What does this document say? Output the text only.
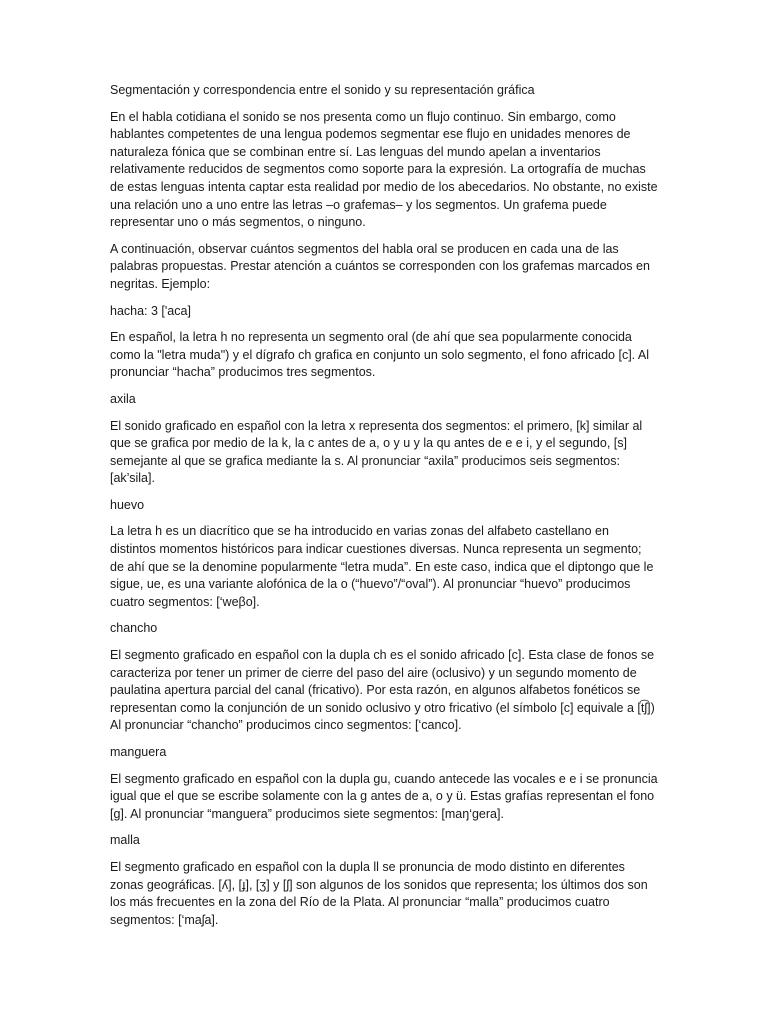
Segmentación y correspondencia entre el sonido y su representación gráfica

En el habla cotidiana el sonido se nos presenta como un flujo continuo. Sin embargo, como hablantes competentes de una lengua podemos segmentar ese flujo en unidades menores de naturaleza fónica que se combinan entre sí. Las lenguas del mundo apelan a inventarios relativamente reducidos de segmentos como soporte para la expresión. La ortografía de muchas de estas lenguas intenta captar esta realidad por medio de los abecedarios. No obstante, no existe una relación uno a uno entre las letras –o grafemas– y los segmentos. Un grafema puede representar uno o más segmentos, o ninguno.

A continuación, observar cuántos segmentos del habla oral se producen en cada una de las palabras propuestas. Prestar atención a cuántos se corresponden con los grafemas marcados en negritas. Ejemplo:

hacha: 3 ['aca]

En español, la letra h no representa un segmento oral (de ahí que sea popularmente conocida como la "letra muda") y el dígrafo ch grafica en conjunto un solo segmento, el fono africado [c]. Al pronunciar “hacha” producimos tres segmentos.

axila

El sonido graficado en español con la letra x representa dos segmentos: el primero, [k] similar al que se grafica por medio de la k, la c antes de a, o y u y la qu antes de e e i, y el segundo, [s] semejante al que se grafica mediante la s. Al pronunciar “axila” producimos seis segmentos: [ak’sila].

huevo

La letra h es un diacrítico que se ha introducido en varias zonas del alfabeto castellano en distintos momentos históricos para indicar cuestiones diversas. Nunca representa un segmento; de ahí que se la denomine popularmente “letra muda”. En este caso, indica que el diptongo que le sigue, ue, es una variante alofónica de la o (“huevo”/“oval”). Al pronunciar “huevo” producimos cuatro segmentos: [‘weβo].

chancho

El segmento graficado en español con la dupla ch es el sonido africado [c]. Esta clase de fonos se caracteriza por tener un primer de cierre del paso del aire (oclusivo) y un segundo momento de paulatina apertura parcial del canal (fricativo). Por esta razón, en algunos alfabetos fonéticos se representan como la conjunción de un sonido oclusivo y otro fricativo (el símbolo [c] equivale a [t͡ʃ]) Al pronunciar “chancho” producimos cinco segmentos: [‘canco].

manguera

El segmento graficado en español con la dupla gu, cuando antecede las vocales e e i se pronuncia igual que el que se escribe solamente con la g antes de a, o y ü. Estas grafías representan el fono [g]. Al pronunciar “manguera” producimos siete segmentos: [maŋ‘gera].

malla

El segmento graficado en español con la dupla ll se pronuncia de modo distinto en diferentes zonas geográficas. [ʎ], [ɟ], [ʒ] y [ʃ] son algunos de los sonidos que representa; los últimos dos son los más frecuentes en la zona del Río de la Plata. Al pronunciar “malla” producimos cuatro segmentos: [‘maʃa].
